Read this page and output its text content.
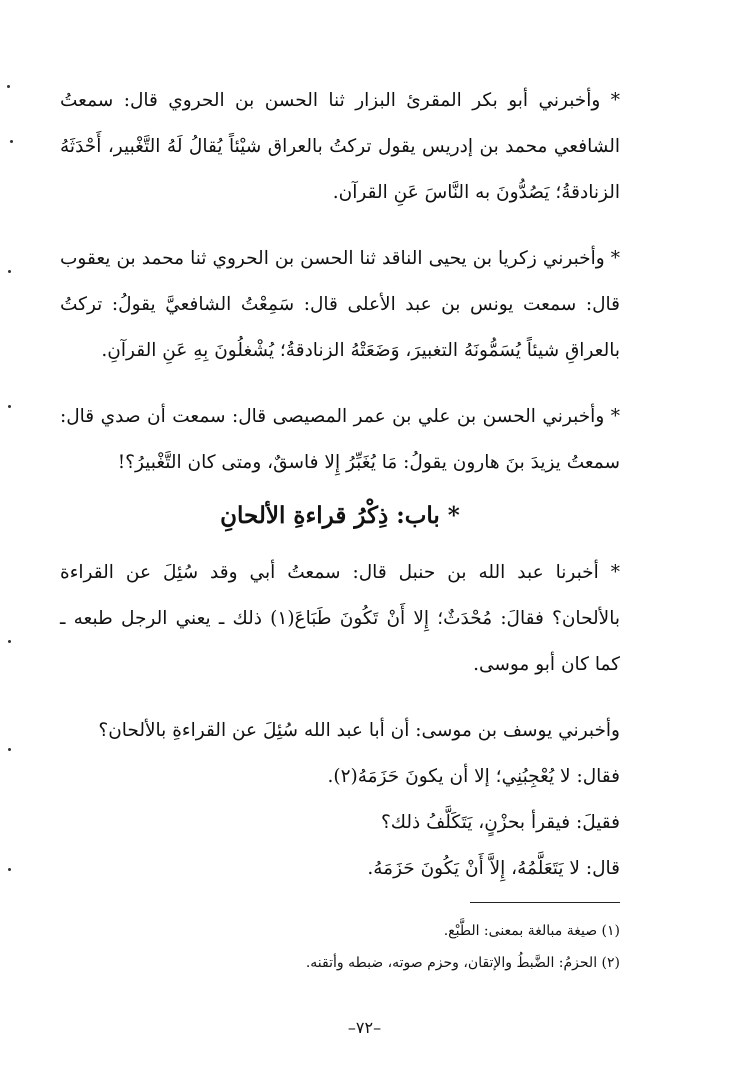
* وأخبرني أبو بكر المقرئ البزار ثنا الحسن بن الحروي قال: سمعتُ الشافعي محمد بن إدريس يقول تركتُ بالعراق شيْئاً يُقالُ لَهُ التَّغْبير، أَحْدَثَهُ الزنادقةُ؛ يَصُدُّونَ به النَّاسَ عَنِ القرآن.

* وأخبرني زكريا بن يحيى الناقد ثنا الحسن بن الحروي ثنا محمد بن يعقوب قال: سمعت يونس بن عبد الأعلى قال: سَمِعْتُ الشافعيَّ يقولُ: تركتُ بالعراقِ شيئاً يُسَمُّونَهُ التغبيرَ، وَضَعَتْهُ الزنادقةُ؛ يُشْغلُونَ بِهِ عَنِ القرآنِ.

* وأخبرني الحسن بن علي بن عمر المصيصى قال: سمعت أن صدي قال: سمعتُ يزيدَ بنَ هارون يقولُ: مَا يُغَبِّرُ إِلا فاسقٌ، ومتى كان التَّغْبيرُ؟!

* باب: ذِكْرُ قراءةِ الألحانِ

* أخبرنا عبد الله بن حنبل قال: سمعتُ أبي وقد سُئِلَ عن القراءة بالألحان؟ فقالَ: مُحْدَثٌ؛ إِلا أَنْ تَكُونَ طَبَاعَ(١) ذلك ـ يعني الرجل طبعه ـ كما كان أبو موسى.

وأخبرني يوسف بن موسى: أن أبا عبد الله سُئِلَ عن القراءةِ بالألحان؟

فقال: لا يُعْجِبُنِي؛ إلا أن يكونَ حَزَمَهُ(٢).

فقيلَ: فيقرأ بحزْنٍ، يَتَكَلَّفُ ذلك؟

قال: لا يَتَعَلَّمُهُ، إِلاَّ أَنْ يَكُونَ حَزَمَهُ.

(١) صيغة مبالغة بمعنى: الطَّبْع.
(٢) الحزمُ: الضَّبطُ والإتقان، وحزم صوته، ضبطه وأتقنه.
–٧٢–
